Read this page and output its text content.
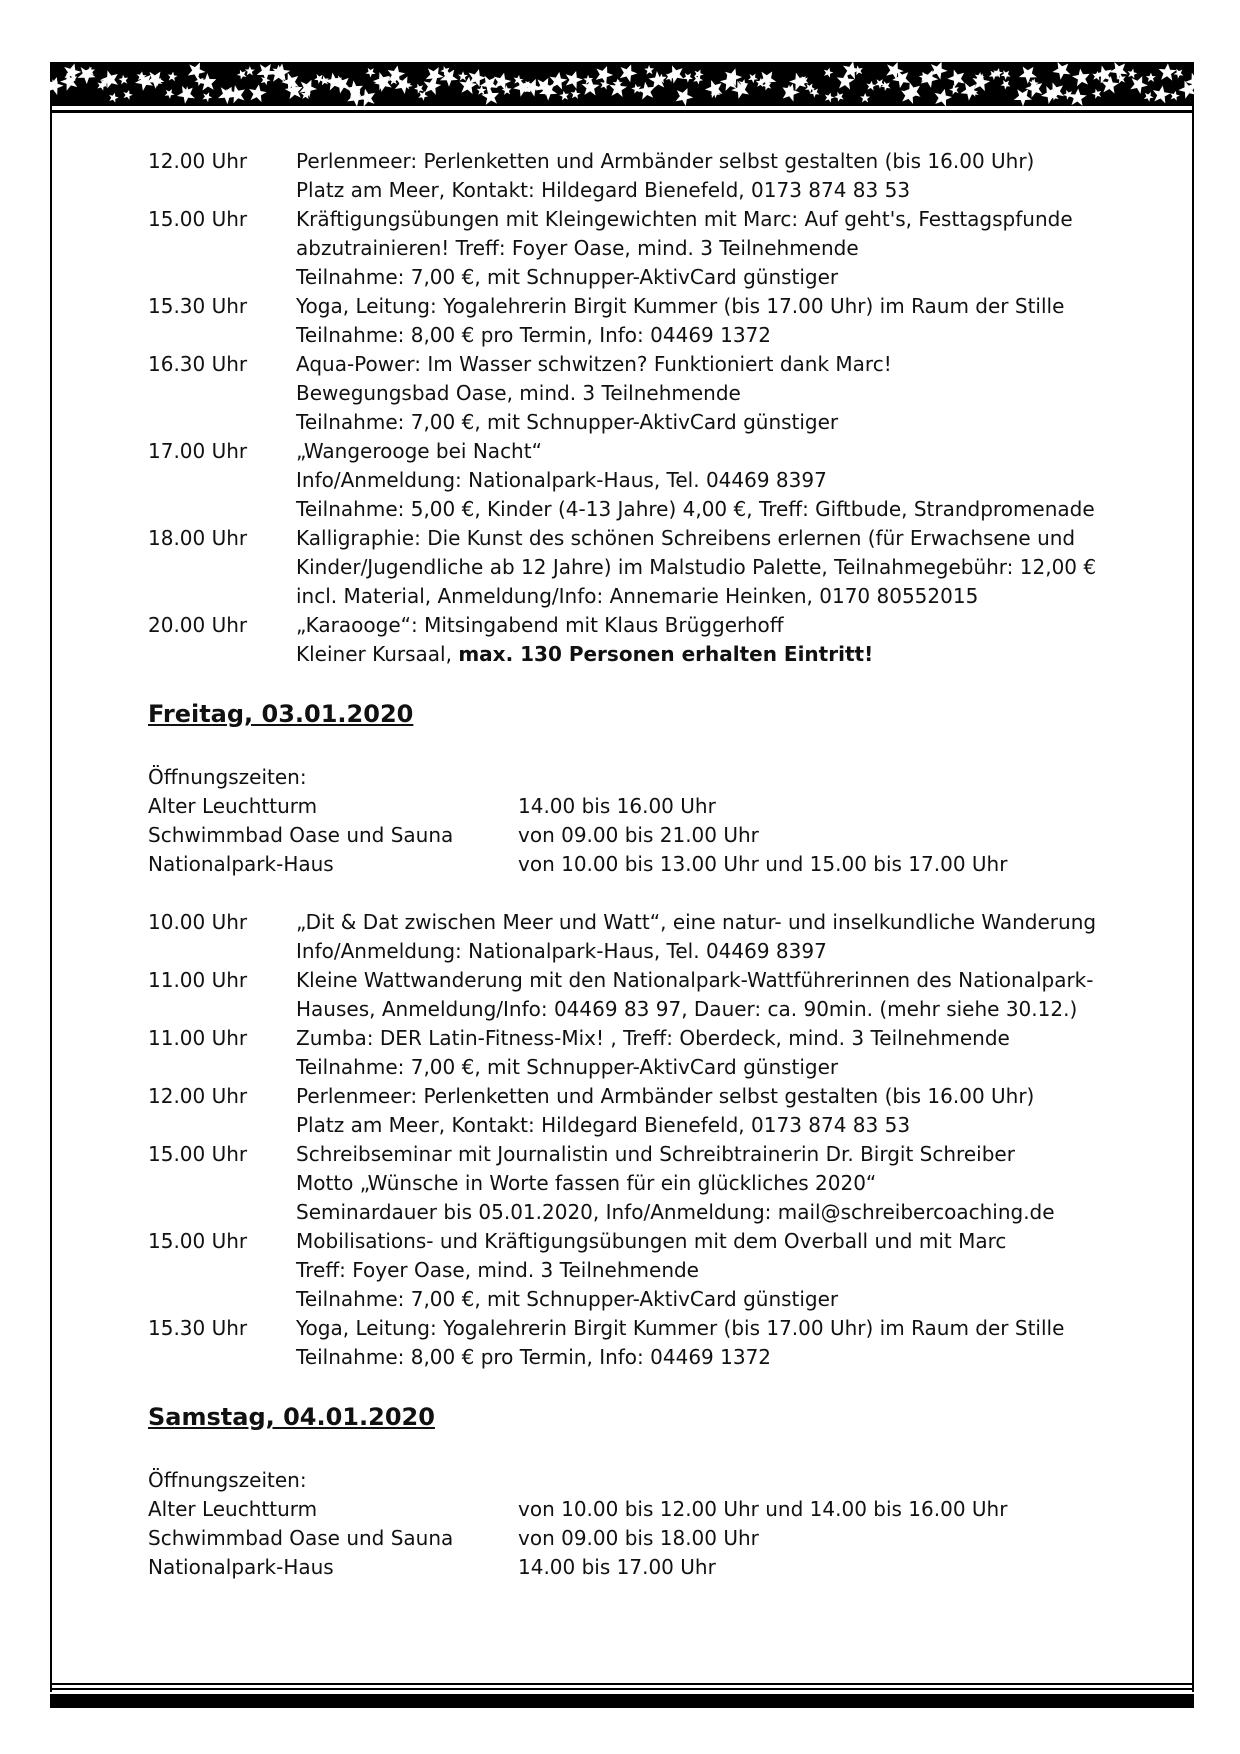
12.00 Uhr	Perlenmeer: Perlenketten und Armbänder selbst gestalten (bis 16.00 Uhr)
Platz am Meer, Kontakt: Hildegard Bienefeld, 0173 874 83 53
15.00 Uhr	Kräftigungsübungen mit Kleingewichten mit Marc: Auf geht's, Festtagspfunde
abzutrainieren! Treff: Foyer Oase, mind. 3 Teilnehmende
Teilnahme: 7,00 €, mit Schnupper-AktivCard günstiger
15.30 Uhr	Yoga, Leitung: Yogalehrerin Birgit Kummer (bis 17.00 Uhr) im Raum der Stille
Teilnahme: 8,00 € pro Termin, Info: 04469 1372
16.30 Uhr	Aqua-Power: Im Wasser schwitzen? Funktioniert dank Marc!
Bewegungsbad Oase, mind. 3 Teilnehmende
Teilnahme: 7,00 €, mit Schnupper-AktivCard günstiger
17.00 Uhr	„Wangerooge bei Nacht“
Info/Anmeldung: Nationalpark-Haus, Tel. 04469 8397
Teilnahme: 5,00 €, Kinder (4-13 Jahre) 4,00 €, Treff: Giftbude, Strandpromenade
18.00 Uhr	Kalligraphie: Die Kunst des schönen Schreibens erlernen (für Erwachsene und
Kinder/Jugendliche ab 12 Jahre) im Malstudio Palette, Teilnahmegebühr: 12,00 €
incl. Material, Anmeldung/Info: Annemarie Heinken, 0170 80552015
20.00 Uhr	„Karaooge“: Mitsingabend mit Klaus Brüggerhoff
Kleiner Kursaal, max. 130 Personen erhalten Eintritt!
Freitag, 03.01.2020
Öffnungszeiten:
Alter Leuchtturm	14.00 bis 16.00 Uhr
Schwimmbad Oase und Sauna	von 09.00 bis 21.00 Uhr
Nationalpark-Haus	von 10.00 bis 13.00 Uhr und 15.00 bis 17.00 Uhr
10.00 Uhr	„Dit & Dat zwischen Meer und Watt“, eine natur- und inselkundliche Wanderung
Info/Anmeldung: Nationalpark-Haus, Tel. 04469 8397
11.00 Uhr	Kleine Wattwanderung mit den Nationalpark-Wattführerinnen des Nationalpark-
Hauses, Anmeldung/Info: 04469 83 97, Dauer: ca. 90min. (mehr siehe 30.12.)
11.00 Uhr	Zumba: DER Latin-Fitness-Mix! , Treff: Oberdeck, mind. 3 Teilnehmende
Teilnahme: 7,00 €, mit Schnupper-AktivCard günstiger
12.00 Uhr	Perlenmeer: Perlenketten und Armbänder selbst gestalten (bis 16.00 Uhr)
Platz am Meer, Kontakt: Hildegard Bienefeld, 0173 874 83 53
15.00 Uhr	Schreibseminar mit Journalistin und Schreibtrainerin Dr. Birgit Schreiber
Motto „Wünsche in Worte fassen für ein glückliches 2020“
Seminardauer bis 05.01.2020, Info/Anmeldung: mail@schreibercoaching.de
15.00 Uhr	Mobilisations- und Kräftigungsübungen mit dem Overball und mit Marc
Treff: Foyer Oase, mind. 3 Teilnehmende
Teilnahme: 7,00 €, mit Schnupper-AktivCard günstiger
15.30 Uhr	Yoga, Leitung: Yogalehrerin Birgit Kummer (bis 17.00 Uhr) im Raum der Stille
Teilnahme: 8,00 € pro Termin, Info: 04469 1372
Samstag, 04.01.2020
Öffnungszeiten:
Alter Leuchtturm	von 10.00 bis 12.00 Uhr und 14.00 bis 16.00 Uhr
Schwimmbad Oase und Sauna	von 09.00 bis 18.00 Uhr
Nationalpark-Haus	14.00 bis 17.00 Uhr
